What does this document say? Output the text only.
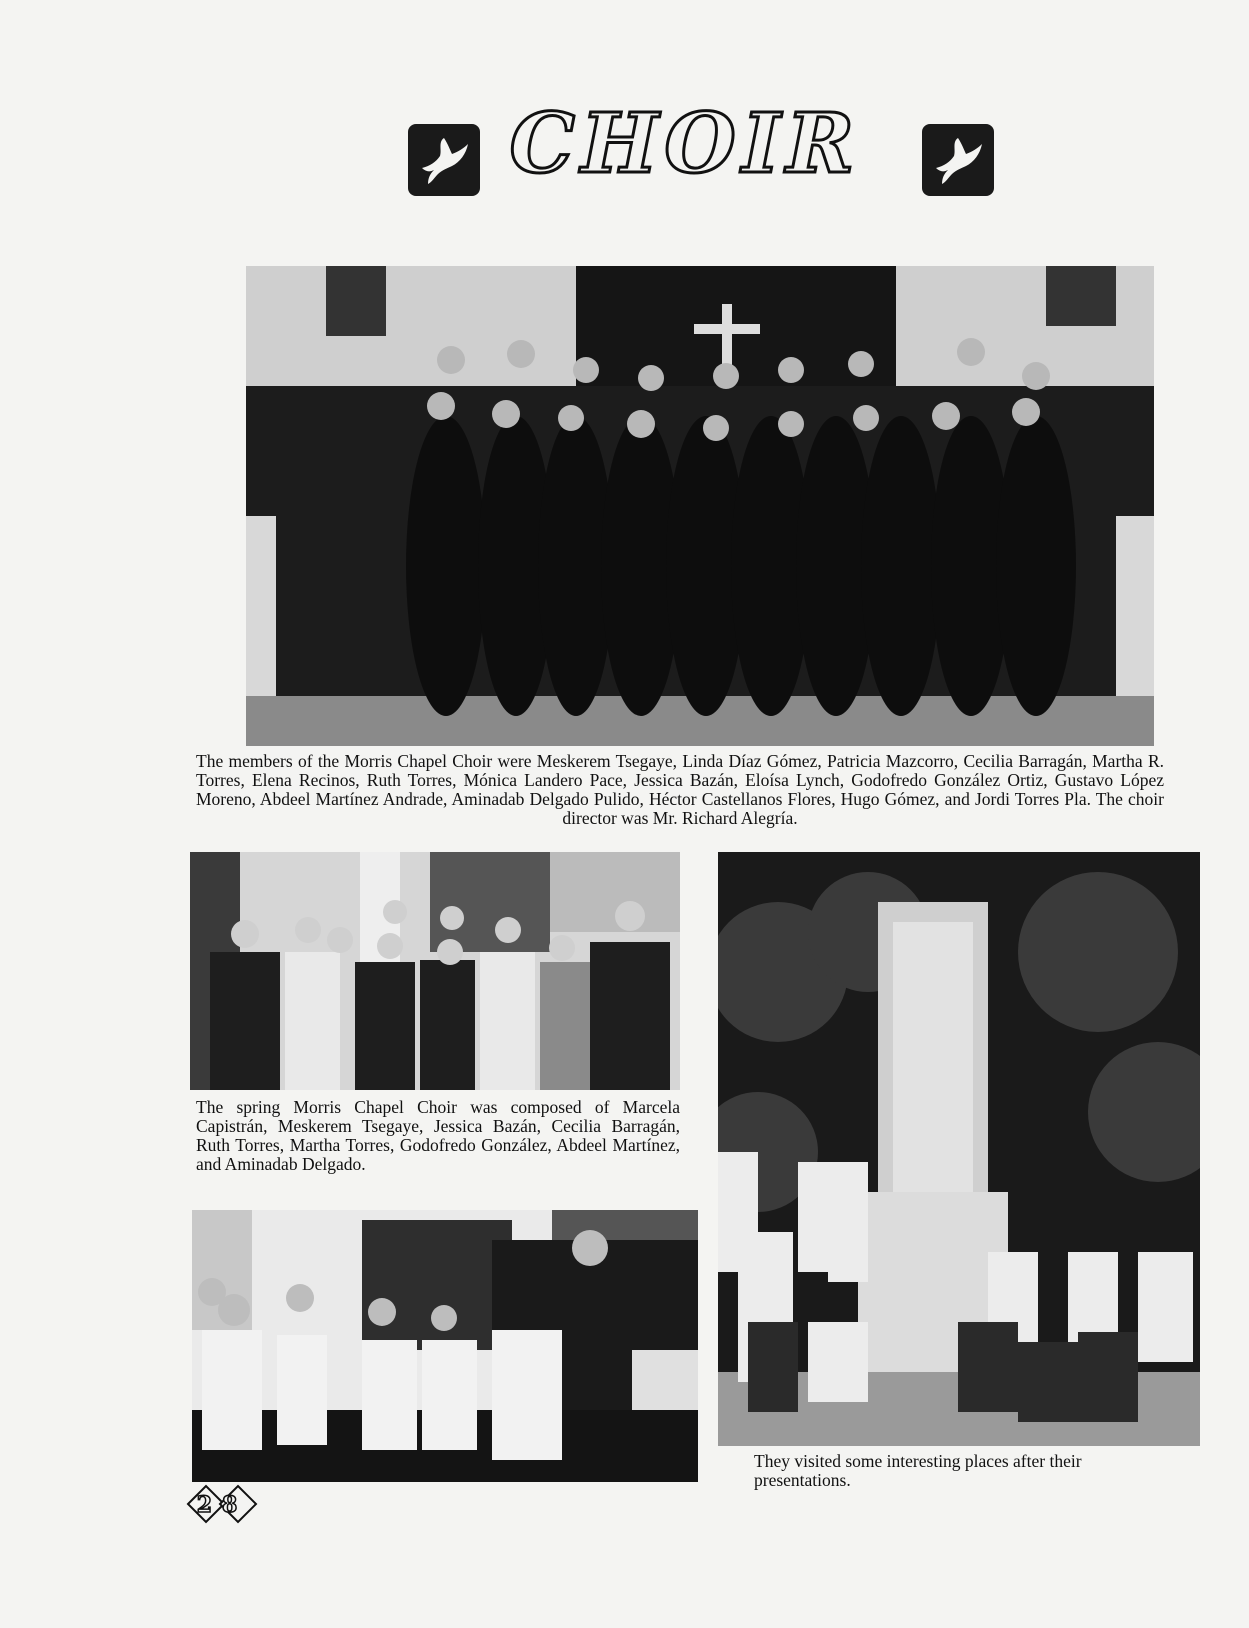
CHOIR

The members of the Morris Chapel Choir were Meskerem Tsegaye, Linda Díaz Gómez, Patricia Mazcorro, Cecilia Barragán, Martha R. Torres, Elena Recinos, Ruth Torres, Mónica Landero Pace, Jessica Bazán, Eloísa Lynch, Godofredo González Ortiz, Gustavo López Moreno, Abdeel Martínez Andrade, Aminadab Delgado Pulido, Héctor Castellanos Flores, Hugo Gómez, and Jordi Torres Pla. The choir director was Mr. Richard Alegría.

The spring Morris Chapel Choir was composed of Marcela Capistrán, Meskerem Tsegaye, Jessica Bazán, Cecilia Barragán, Ruth Torres, Martha Torres, Godofredo González, Abdeel Martínez, and Aminadab Delgado.

They visited some interesting places after their presentations.

28
